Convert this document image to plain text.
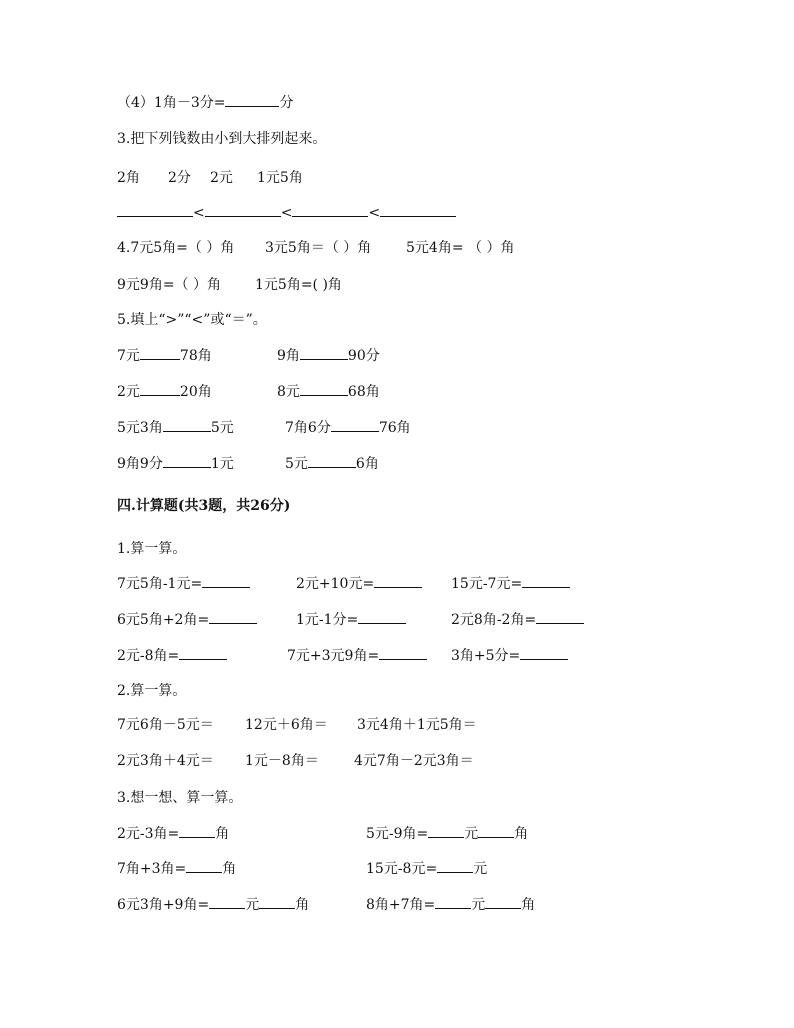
（4）1角－3分=	分
3.把下列钱数由小到大排列起来。
2角 2分 2元 1元5角
<	<	<
4.7元5角=（ ）角 3元5角＝（ ）角 5元4角= （ ）角
9元9角=（ ）角 1元5角=( )角
5.填上“>”“<”或“＝”。
7元	78角	9角	90分
2元	20角	8元	68角
5元3角	5元	7角6分	76角
9角9分	1元	5元	6角
四.计算题(共3题，共26分)
1.算一算。
7元5角-1元=	2元+10元=	15元-7元=
6元5角+2角=	1元-1分=	2元8角-2角=
2元-8角=	7元+3元9角=	3角+5分=
2.算一算。
7元6角－5元＝ 12元＋6角＝ 3元4角＋1元5角＝
2元3角＋4元＝ 1元－8角＝	4元7角－2元3角＝
3.想一想、算一算。
2元-3角=	角	5元-9角=	元	角
7角+3角=	角	15元-8元=	元
6元3角+9角=	元	角	8角+7角=	元	角
